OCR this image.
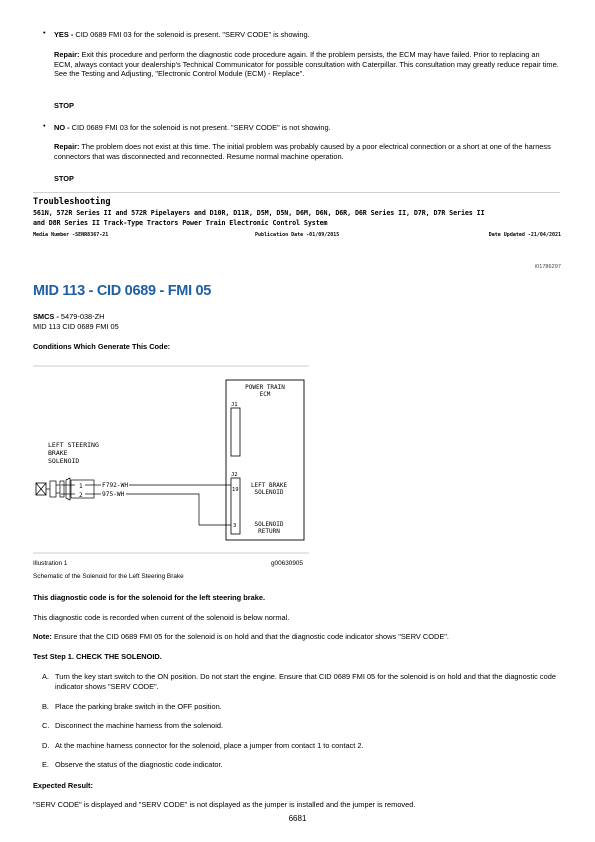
• YES - CID 0689 FMI 03 for the solenoid is present. "SERV CODE" is showing.
Repair: Exit this procedure and perform the diagnostic code procedure again. If the problem persists, the ECM may have failed. Prior to replacing an ECM, always contact your dealership's Technical Communicator for possible consultation with Caterpillar. This consultation may greatly reduce repair time. See the Testing and Adjusting, "Electronic Control Module (ECM) - Replace".
STOP
• NO - CID 0689 FMI 03 for the solenoid is not present. "SERV CODE" is not showing.
Repair: The problem does not exist at this time. The initial problem was probably caused by a poor electrical connection or a short at one of the harness connectors that was disconnected and reconnected. Resume normal machine operation.
STOP
Troubleshooting
561N, 572R Series II and 572R Pipelayers and D10R, D11R, D5M, D5N, D6M, D6N, D6R, D6R Series II, D7R, D7R Series II
and D8R Series II Track-Type Tractors Power Train Electronic Control System
Media Number -SENR8367-21	Publication Date -01/09/2015	Date Updated -21/04/2021
i01786297
MID 113 - CID 0689 - FMI 05
SMCS - 5479-038-ZH
MID 113 CID 0689 FMI 05
Conditions Which Generate This Code:
POWER TRAIN
ECM
J1
J2
19
3
LEFT BRAKE
SOLENOID
SOLENOID
RETURN
LEFT STEERING
BRAKE
SOLENOID
1
2
F792-WH
975-WH
Illustration 1	g00630905
Schematic of the Solenoid for the Left Steering Brake
This diagnostic code is for the solenoid for the left steering brake.
This diagnostic code is recorded when current of the solenoid is below normal.
Note: Ensure that the CID 0689 FMI 05 for the solenoid is on hold and that the diagnostic code indicator shows "SERV CODE".
Test Step 1. CHECK THE SOLENOID.
A. Turn the key start switch to the ON position. Do not start the engine. Ensure that CID 0689 FMI 05 for the solenoid is on hold and that the diagnostic code indicator shows "SERV CODE".
B. Place the parking brake switch in the OFF position.
C. Disconnect the machine harness from the solenoid.
D. At the machine harness connector for the solenoid, place a jumper from contact 1 to contact 2.
E. Observe the status of the diagnostic code indicator.
Expected Result:
"SERV CODE" is displayed and "SERV CODE" is not displayed as the jumper is installed and the jumper is removed.
6681
